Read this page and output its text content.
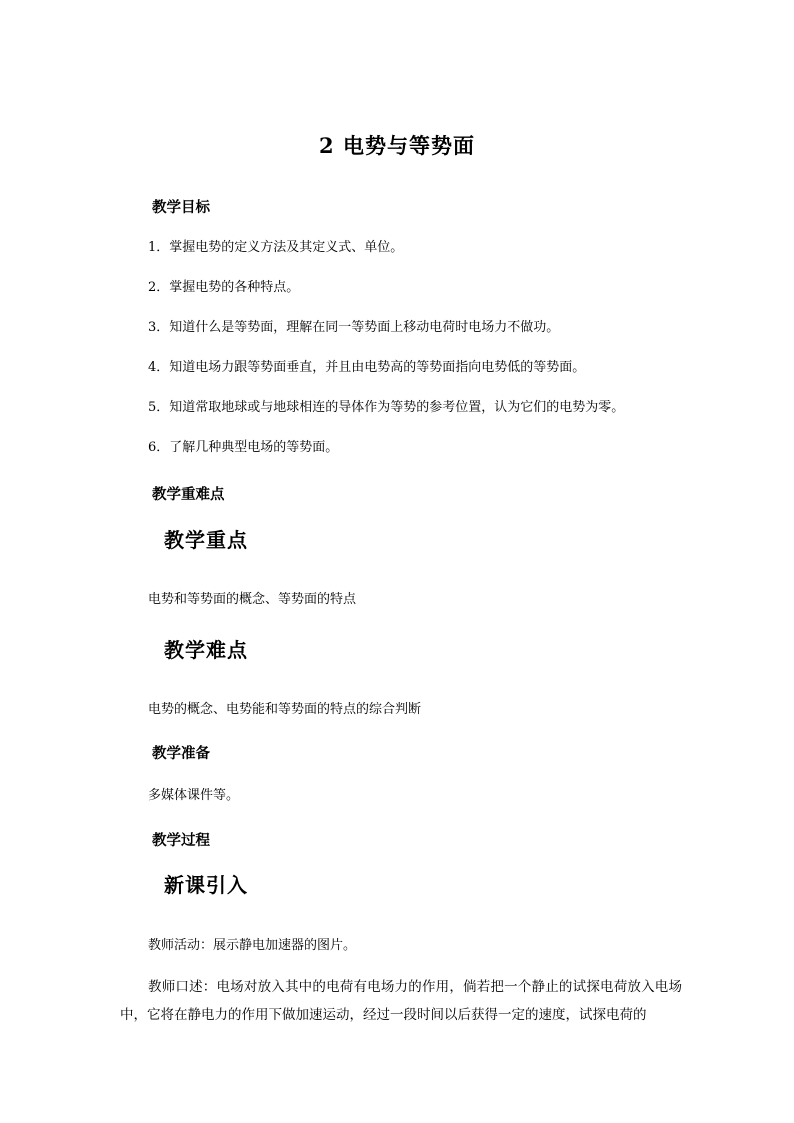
2 电势与等势面
教学目标
1．掌握电势的定义方法及其定义式、单位。
2．掌握电势的各种特点。
3．知道什么是等势面，理解在同一等势面上移动电荷时电场力不做功。
4．知道电场力跟等势面垂直，并且由电势高的等势面指向电势低的等势面。
5．知道常取地球或与地球相连的导体作为等势的参考位置，认为它们的电势为零。
6．了解几种典型电场的等势面。
教学重难点
教学重点
电势和等势面的概念、等势面的特点
教学难点
电势的概念、电势能和等势面的特点的综合判断
教学准备
多媒体课件等。
教学过程
新课引入
教师活动：展示静电加速器的图片。
教师口述：电场对放入其中的电荷有电场力的作用，倘若把一个静止的试探电荷放入电场中，它将在静电力的作用下做加速运动，经过一段时间以后获得一定的速度，试探电荷的
